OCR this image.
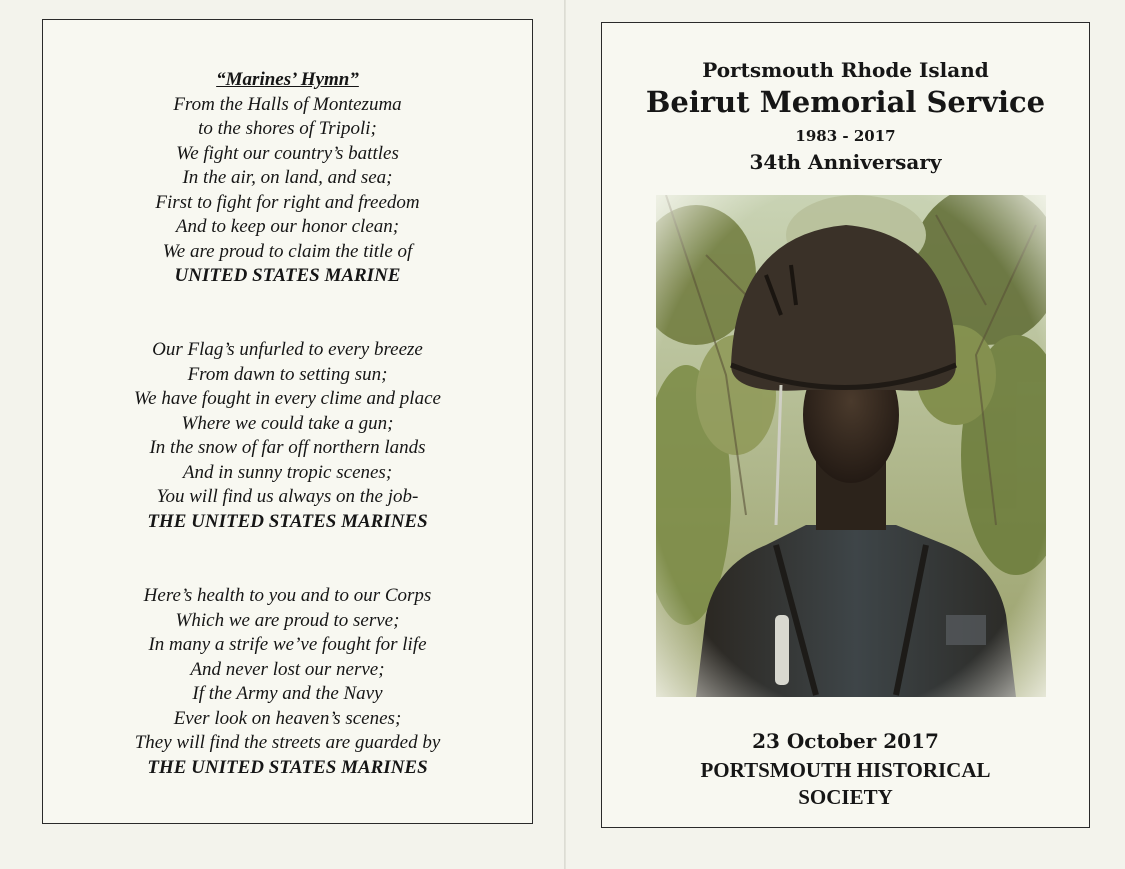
“Marines’ Hymn”
From the Halls of Montezuma
to the shores of Tripoli;
We fight our country’s battles
In the air, on land, and sea;
First to fight for right and freedom
And to keep our honor clean;
We are proud to claim the title of
UNITED STATES MARINE
Our Flag’s unfurled to every breeze
From dawn to setting sun;
We have fought in every clime and place
Where we could take a gun;
In the snow of far off northern lands
And in sunny tropic scenes;
You will find us always on the job-
THE UNITED STATES MARINES
Here’s health to you and to our Corps
Which we are proud to serve;
In many a strife we’ve fought for life
And never lost our nerve;
If the Army and the Navy
Ever look on heaven’s scenes;
They will find the streets are guarded by
THE UNITED STATES MARINES
Portsmouth Rhode Island
Beirut Memorial Service
1983 - 2017
34th Anniversary
23 October 2017
PORTSMOUTH HISTORICAL
SOCIETY
